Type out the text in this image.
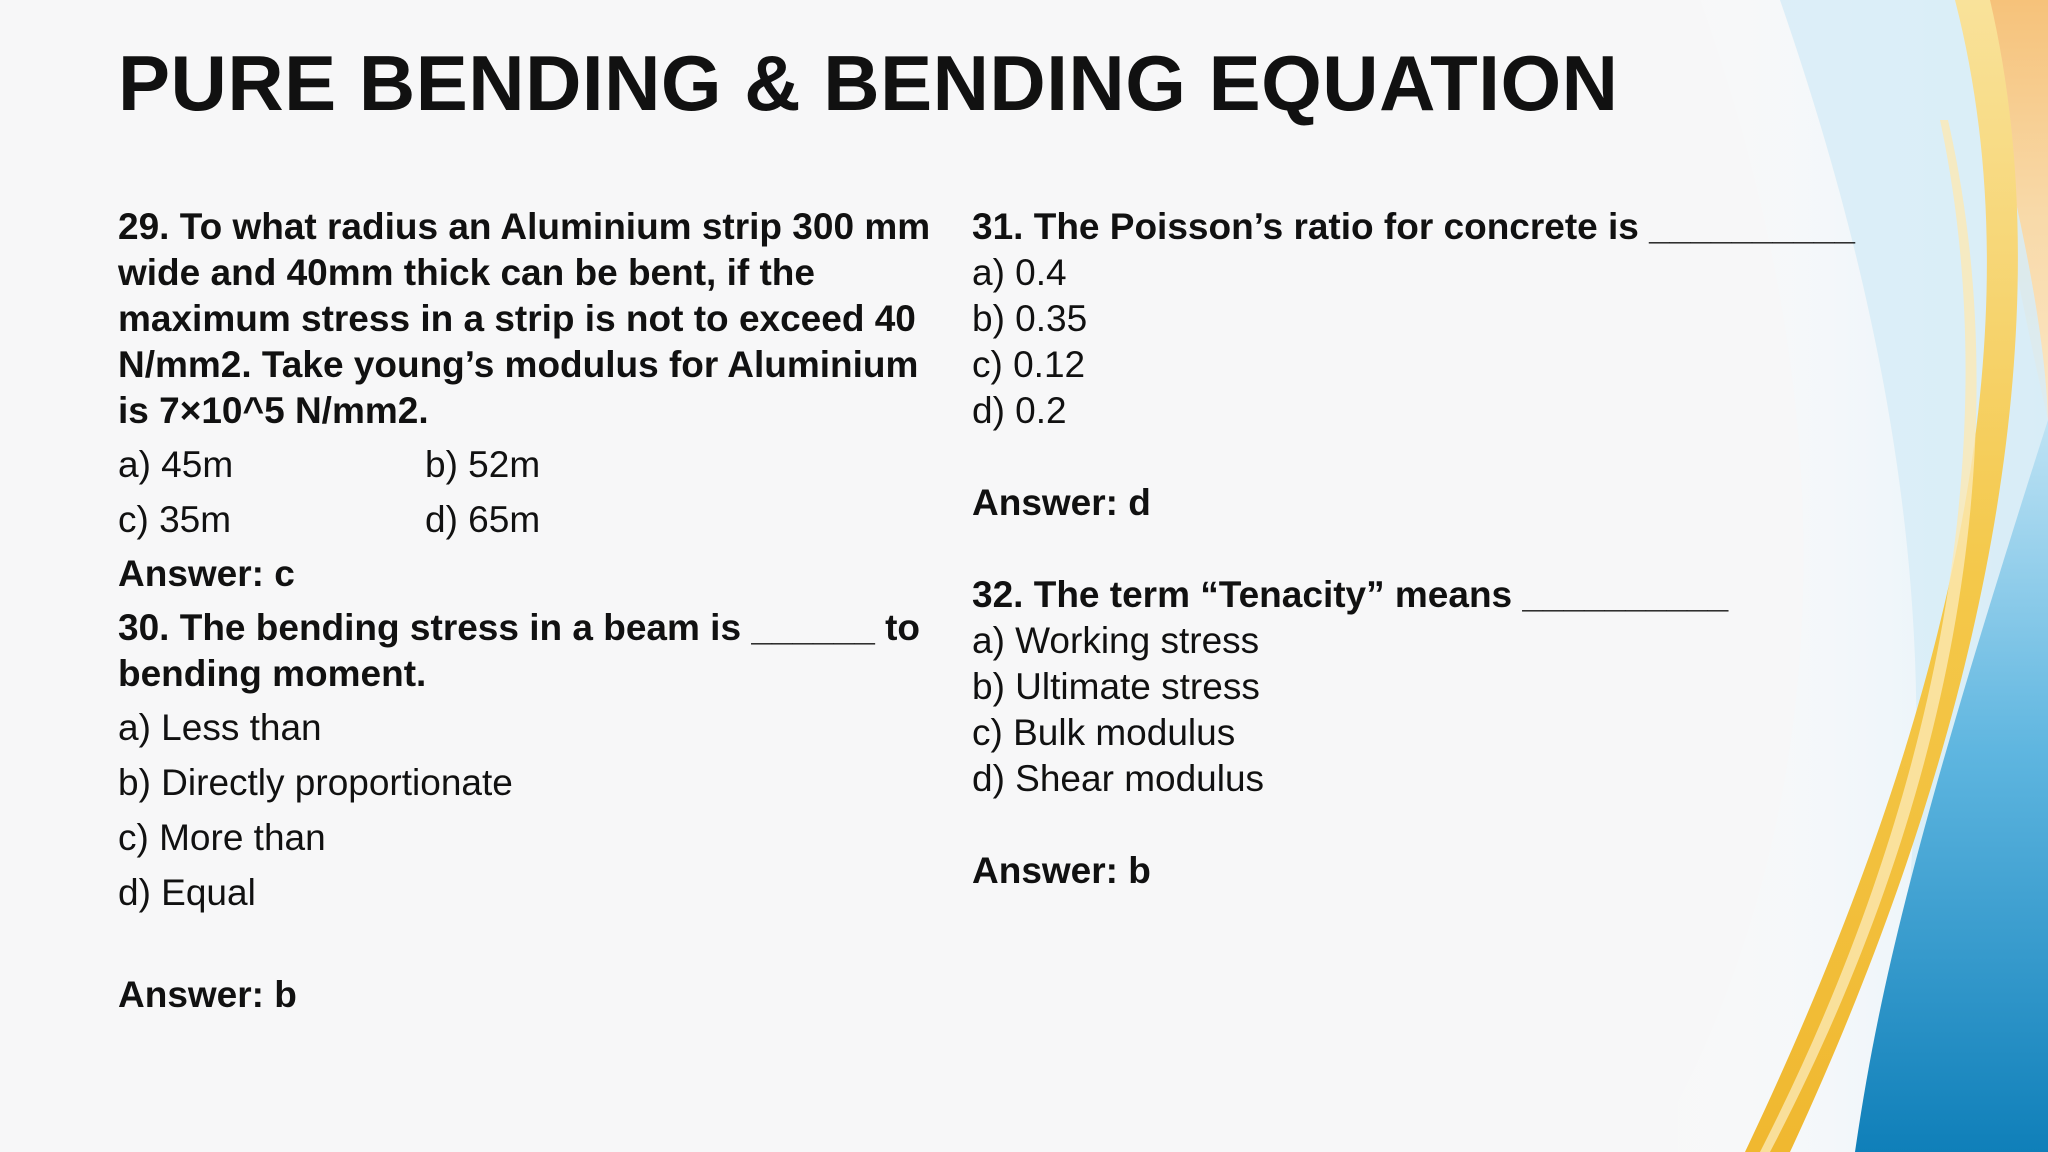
PURE BENDING & BENDING EQUATION

29. To what radius an Aluminium strip 300 mm wide and 40mm thick can be bent, if the maximum stress in a strip is not to exceed 40 N/mm2. Take young’s modulus for Aluminium is 7×10^5 N/mm2.

a) 45m	b) 52m
c) 35m	d) 65m
Answer: c

30. The bending stress in a beam is ______ to bending moment.

a) Less than
b) Directly proportionate
c) More than
d) Equal
Answer: b

31. The Poisson’s ratio for concrete is __________

a) 0.4
b) 0.35
c) 0.12
d) 0.2
Answer: d

32. The term “Tenacity” means __________

a) Working stress
b) Ultimate stress
c) Bulk modulus
d) Shear modulus
Answer: b
